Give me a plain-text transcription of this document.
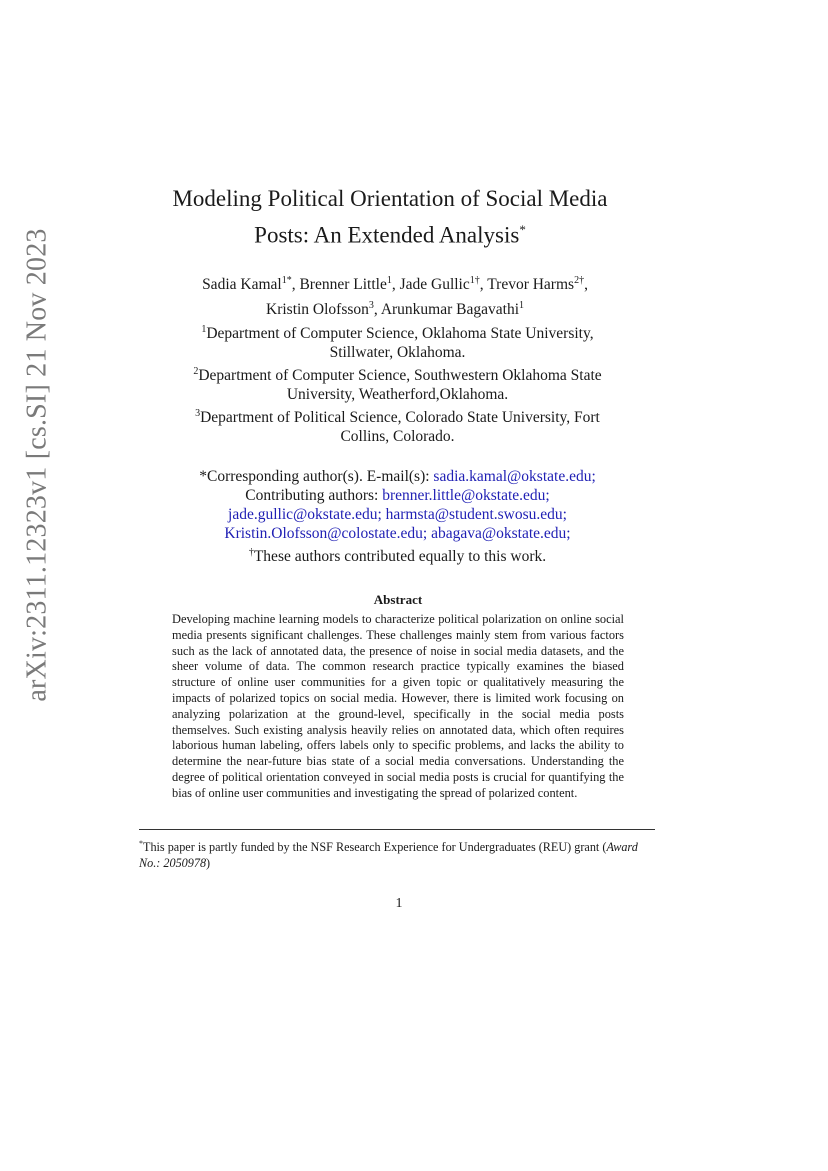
arXiv:2311.12323v1 [cs.SI] 21 Nov 2023
Modeling Political Orientation of Social Media
Posts: An Extended Analysis*
Sadia Kamal$^{1*}$, Brenner Little$^1$, Jade Gullic$^{1\dagger}$, Trevor Harms$^{2\dagger}$,
Kristin Olofsson$^3$, Arunkumar Bagavathi$^1$
$^1$Department of Computer Science, Oklahoma State University,
Stillwater, Oklahoma.
$^2$Department of Computer Science, Southwestern Oklahoma State
University, Weatherford,Oklahoma.
$^3$Department of Political Science, Colorado State University, Fort
Collins, Colorado.
*Corresponding author(s). E-mail(s): sadia.kamal@okstate.edu;
Contributing authors: brenner.little@okstate.edu;
jade.gullic@okstate.edu; harmsta@student.swosu.edu;
Kristin.Olofsson@colostate.edu; abagava@okstate.edu;
†These authors contributed equally to this work.
Abstract
Developing machine learning models to characterize political polarization on online social media presents significant challenges. These challenges mainly stem from various factors such as the lack of annotated data, the presence of noise in social media datasets, and the sheer volume of data. The common research practice typically examines the biased structure of online user communities for a given topic or qualitatively measuring the impacts of polarized topics on social media. However, there is limited work focusing on analyzing polarization at the ground-level, specifically in the social media posts themselves. Such existing analysis heavily relies on annotated data, which often requires laborious human labeling, offers labels only to specific problems, and lacks the ability to determine the near-future bias state of a social media conversations. Understanding the degree of political orientation conveyed in social media posts is crucial for quantifying the bias of online user communities and investigating the spread of polarized content.
*This paper is partly funded by the NSF Research Experience for Undergraduates (REU) grant (Award No.: 2050978)
1
